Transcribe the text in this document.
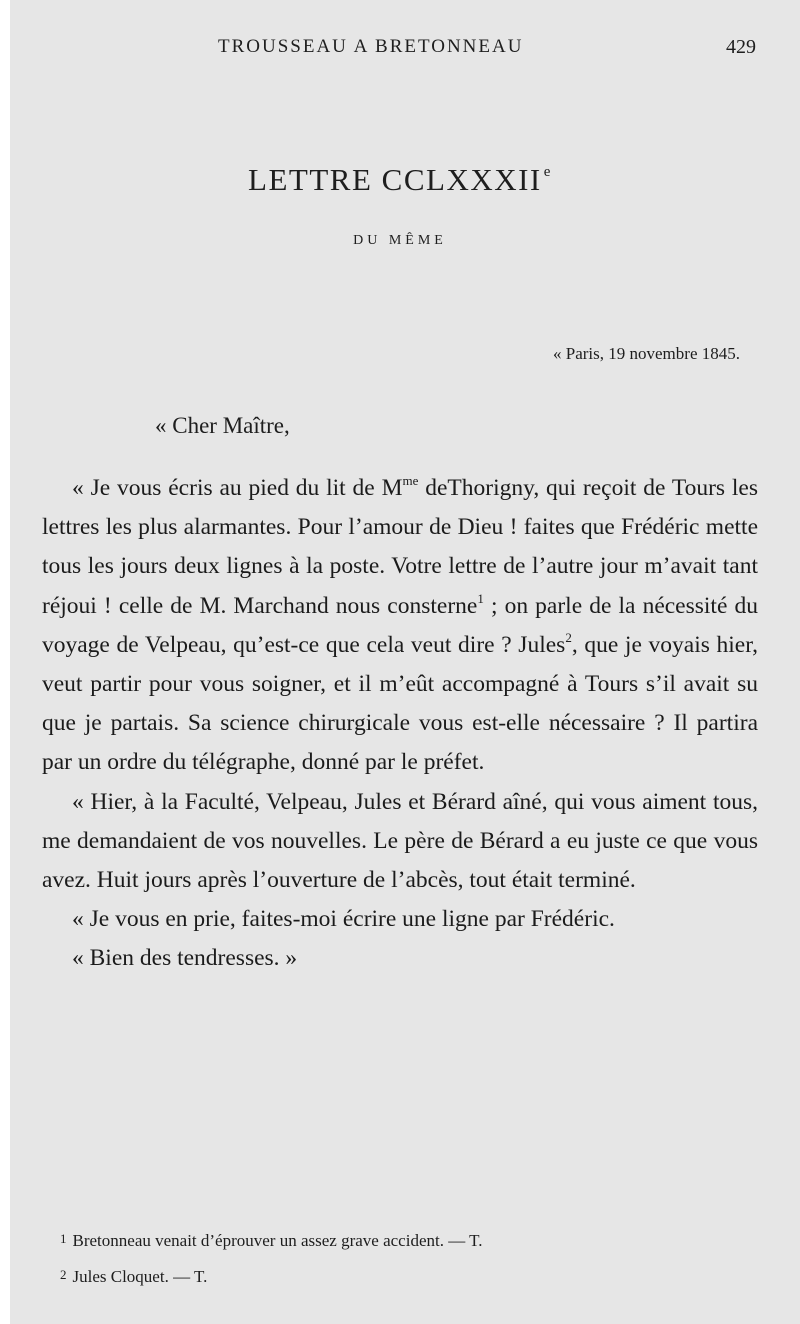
TROUSSEAU A BRETONNEAU	429
LETTRE CCLXXXII $^e$
DU MÊME
« Paris, 19 novembre 1845.
« Cher Maître,

« Je vous écris au pied du lit de $M^{me}$ deThorigny, qui reçoit de Tours les lettres les plus alarmantes. Pour l’amour de Dieu ! faites que Frédéric mette tous les jours deux lignes à la poste. Votre lettre de l’autre jour m’avait tant réjoui ! celle de M. Marchand nous consterne$^1$ ; on parle de la nécessité du voyage de Velpeau, qu’est-ce que cela veut dire ? Jules$^2$, que je voyais hier, veut partir pour vous soigner, et il m’eût accompagné à Tours s’il avait su que je partais. Sa science chirurgicale vous est-elle nécessaire ? Il partira par un ordre du télégraphe, donné par le préfet.

« Hier, à la Faculté, Velpeau, Jules et Bérard aîné, qui vous aiment tous, me demandaient de vos nouvelles. Le père de Bérard a eu juste ce que vous avez. Huit jours après l’ouverture de l’abcès, tout était terminé.

« Je vous en prie, faites-moi écrire une ligne par Frédéric.

« Bien des tendresses. »

1 Bretonneau venait d’éprouver un assez grave accident. — T.
2 Jules Cloquet. — T.
